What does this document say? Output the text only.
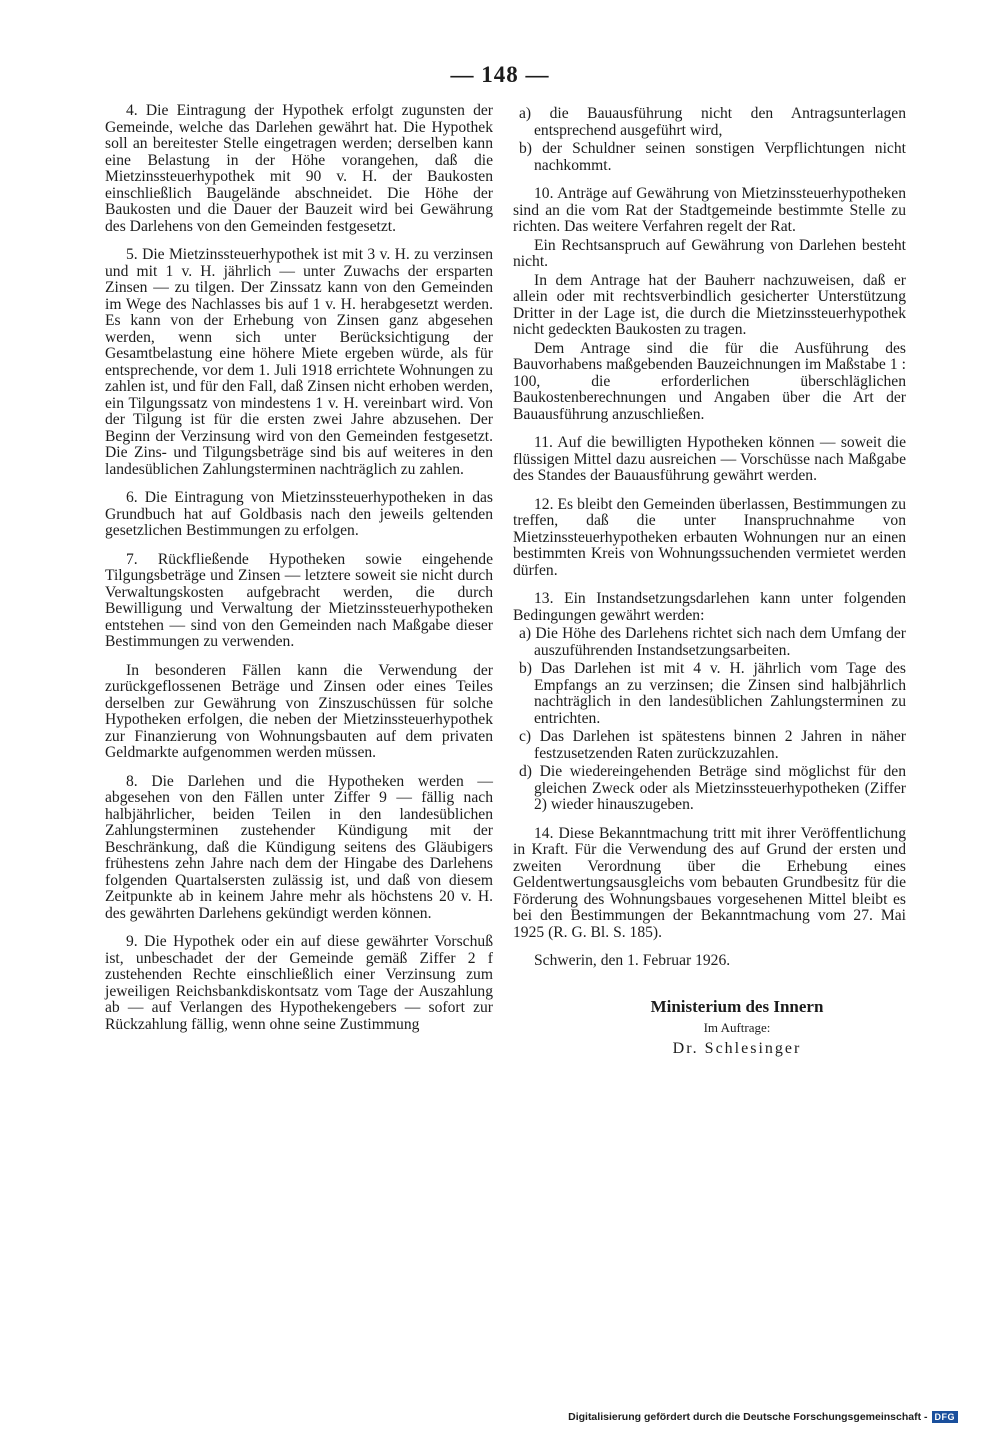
— 148 —

4. Die Eintragung der Hypothek erfolgt zugunsten der Gemeinde, welche das Darlehen gewährt hat. Die Hypothek soll an bereitester Stelle eingetragen werden; derselben kann eine Belastung in der Höhe vorangehen, daß die Mietzinssteuerhypothek mit 90 v. H. der Baukosten einschließlich Baugelände abschneidet. Die Höhe der Baukosten und die Dauer der Bauzeit wird bei Gewährung des Darlehens von den Gemeinden festgesetzt.

5. Die Mietzinssteuerhypothek ist mit 3 v. H. zu verzinsen und mit 1 v. H. jährlich — unter Zuwachs der ersparten Zinsen — zu tilgen. Der Zinssatz kann von den Gemeinden im Wege des Nachlasses bis auf 1 v. H. herabgesetzt werden. Es kann von der Erhebung von Zinsen ganz abgesehen werden, wenn sich unter Berücksichtigung der Gesamtbelastung eine höhere Miete ergeben würde, als für entsprechende, vor dem 1. Juli 1918 errichtete Wohnungen zu zahlen ist, und für den Fall, daß Zinsen nicht erhoben werden, ein Tilgungssatz von mindestens 1 v. H. vereinbart wird. Von der Tilgung ist für die ersten zwei Jahre abzusehen. Der Beginn der Verzinsung wird von den Gemeinden festgesetzt. Die Zins- und Tilgungsbeträge sind bis auf weiteres in den landesüblichen Zahlungsterminen nachträglich zu zahlen.

6. Die Eintragung von Mietzinssteuerhypotheken in das Grundbuch hat auf Goldbasis nach den jeweils geltenden gesetzlichen Bestimmungen zu erfolgen.

7. Rückfließende Hypotheken sowie eingehende Tilgungsbeträge und Zinsen — letztere soweit sie nicht durch Verwaltungskosten aufgebracht werden, die durch Bewilligung und Verwaltung der Mietzinssteuerhypotheken entstehen — sind von den Gemeinden nach Maßgabe dieser Bestimmungen zu verwenden.

In besonderen Fällen kann die Verwendung der zurückgeflossenen Beträge und Zinsen oder eines Teiles derselben zur Gewährung von Zinszuschüssen für solche Hypotheken erfolgen, die neben der Mietzinssteuerhypothek zur Finanzierung von Wohnungsbauten auf dem privaten Geldmarkte aufgenommen werden müssen.

8. Die Darlehen und die Hypotheken werden — abgesehen von den Fällen unter Ziffer 9 — fällig nach halbjährlicher, beiden Teilen in den landesüblichen Zahlungsterminen zustehender Kündigung mit der Beschränkung, daß die Kündigung seitens des Gläubigers frühestens zehn Jahre nach dem der Hingabe des Darlehens folgenden Quartalsersten zulässig ist, und daß von diesem Zeitpunkte ab in keinem Jahre mehr als höchstens 20 v. H. des gewährten Darlehens gekündigt werden können.

9. Die Hypothek oder ein auf diese gewährter Vorschuß ist, unbeschadet der der Gemeinde gemäß Ziffer 2 f zustehenden Rechte einschließlich einer Verzinsung zum jeweiligen Reichsbankdiskontsatz vom Tage der Auszahlung ab — auf Verlangen des Hypothekengebers — sofort zur Rückzahlung fällig, wenn ohne seine Zustimmung

a) die Bauausführung nicht den Antragsunterlagen entsprechend ausgeführt wird,

b) der Schuldner seinen sonstigen Verpflichtungen nicht nachkommt.

10. Anträge auf Gewährung von Mietzinssteuerhypotheken sind an die vom Rat der Stadtgemeinde bestimmte Stelle zu richten. Das weitere Verfahren regelt der Rat.

Ein Rechtsanspruch auf Gewährung von Darlehen besteht nicht.

In dem Antrage hat der Bauherr nachzuweisen, daß er allein oder mit rechtsverbindlich gesicherter Unterstützung Dritter in der Lage ist, die durch die Mietzinssteuerhypothek nicht gedeckten Baukosten zu tragen.

Dem Antrage sind die für die Ausführung des Bauvorhabens maßgebenden Bauzeichnungen im Maßstabe 1 : 100, die erforderlichen überschläglichen Baukostenberechnungen und Angaben über die Art der Bauausführung anzuschließen.

11. Auf die bewilligten Hypotheken können — soweit die flüssigen Mittel dazu ausreichen — Vorschüsse nach Maßgabe des Standes der Bauausführung gewährt werden.

12. Es bleibt den Gemeinden überlassen, Bestimmungen zu treffen, daß die unter Inanspruchnahme von Mietzinssteuerhypotheken erbauten Wohnungen nur an einen bestimmten Kreis von Wohnungssuchenden vermietet werden dürfen.

13. Ein Instandsetzungsdarlehen kann unter folgenden Bedingungen gewährt werden:

a) Die Höhe des Darlehens richtet sich nach dem Umfang der auszuführenden Instandsetzungsarbeiten.

b) Das Darlehen ist mit 4 v. H. jährlich vom Tage des Empfangs an zu verzinsen; die Zinsen sind halbjährlich nachträglich in den landesüblichen Zahlungsterminen zu entrichten.

c) Das Darlehen ist spätestens binnen 2 Jahren in näher festzusetzenden Raten zurückzuzahlen.

d) Die wiedereingehenden Beträge sind möglichst für den gleichen Zweck oder als Mietzinssteuerhypotheken (Ziffer 2) wieder hinauszugeben.

14. Diese Bekanntmachung tritt mit ihrer Veröffentlichung in Kraft. Für die Verwendung des auf Grund der ersten und zweiten Verordnung über die Erhebung eines Geldentwertungsausgleichs vom bebauten Grundbesitz für die Förderung des Wohnungsbaues vorgesehenen Mittel bleibt es bei den Bestimmungen der Bekanntmachung vom 27. Mai 1925 (R. G. Bl. S. 185).

Schwerin, den 1. Februar 1926.

Ministerium des Innern
Im Auftrage:
Dr. Schlesinger
Digitalisierung gefördert durch die Deutsche Forschungsgemeinschaft - DFG
